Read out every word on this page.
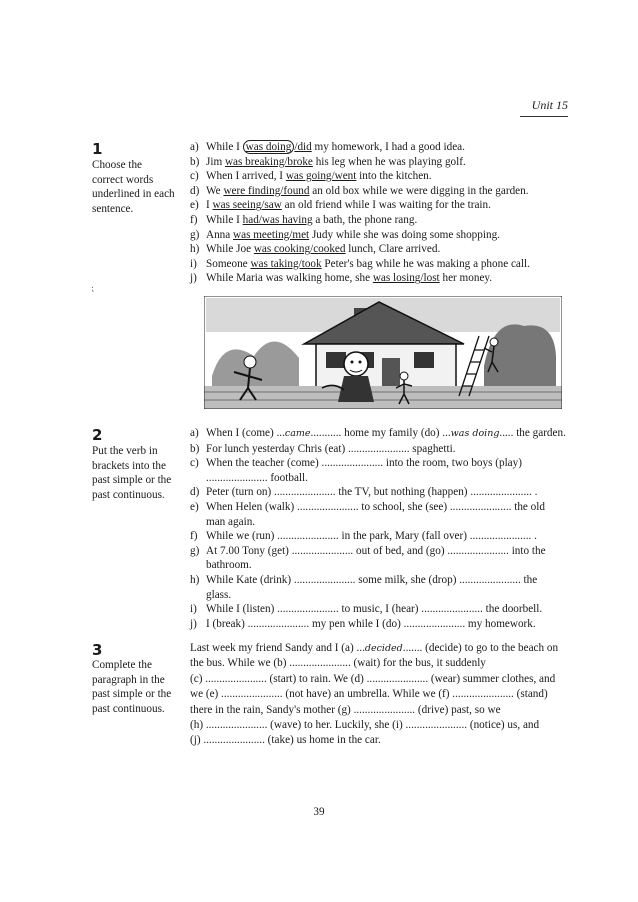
Unit 15
1
Choose the
correct words
underlined in each
sentence.
a) While I was doing /did my homework, I had a good idea.
b) Jim was breaking/broke his leg when he was playing golf.
c) When I arrived, I was going/went into the kitchen.
d) We were finding/found an old box while we were digging in the garden.
e) I was seeing/saw an old friend while I was waiting for the train.
f) While I had/was having a bath, the phone rang.
g) Anna was meeting/met Judy while she was doing some shopping.
h) While Joe was cooking/cooked lunch, Clare arrived.
i) Someone was taking/took Peter's bag while he was making a phone call.
j) While Maria was walking home, she was losing/lost her money.
⁏
2
Put the verb in
brackets into the
past simple or the
past continuous.
a) When I (come) ...came........... home my family (do) ...was doing..... the garden.
b) For lunch yesterday Chris (eat) ...................... spaghetti.
c) When the teacher (come) ...................... into the room, two boys (play)
...................... football.
d) Peter (turn on) ...................... the TV, but nothing (happen) ...................... .
e) When Helen (walk) ...................... to school, she (see) ...................... the old
man again.
f) While we (run) ...................... in the park, Mary (fall over) ...................... .
g) At 7.00 Tony (get) ...................... out of bed, and (go) ...................... into the
bathroom.
h) While Kate (drink) ...................... some milk, she (drop) ...................... the
glass.
i) While I (listen) ...................... to music, I (hear) ...................... the doorbell.
j) I (break) ...................... my pen while I (do) ...................... my homework.
3
Complete the
paragraph in the
past simple or the
past continuous.
Last week my friend Sandy and I (a) ...decided....... (decide) to go to the beach on
the bus. While we (b) ...................... (wait) for the bus, it suddenly
(c) ...................... (start) to rain. We (d) ...................... (wear) summer clothes, and
we (e) ...................... (not have) an umbrella. While we (f) ...................... (stand)
there in the rain, Sandy's mother (g) ...................... (drive) past, so we
(h) ...................... (wave) to her. Luckily, she (i) ...................... (notice) us, and
(j) ...................... (take) us home in the car.
39
